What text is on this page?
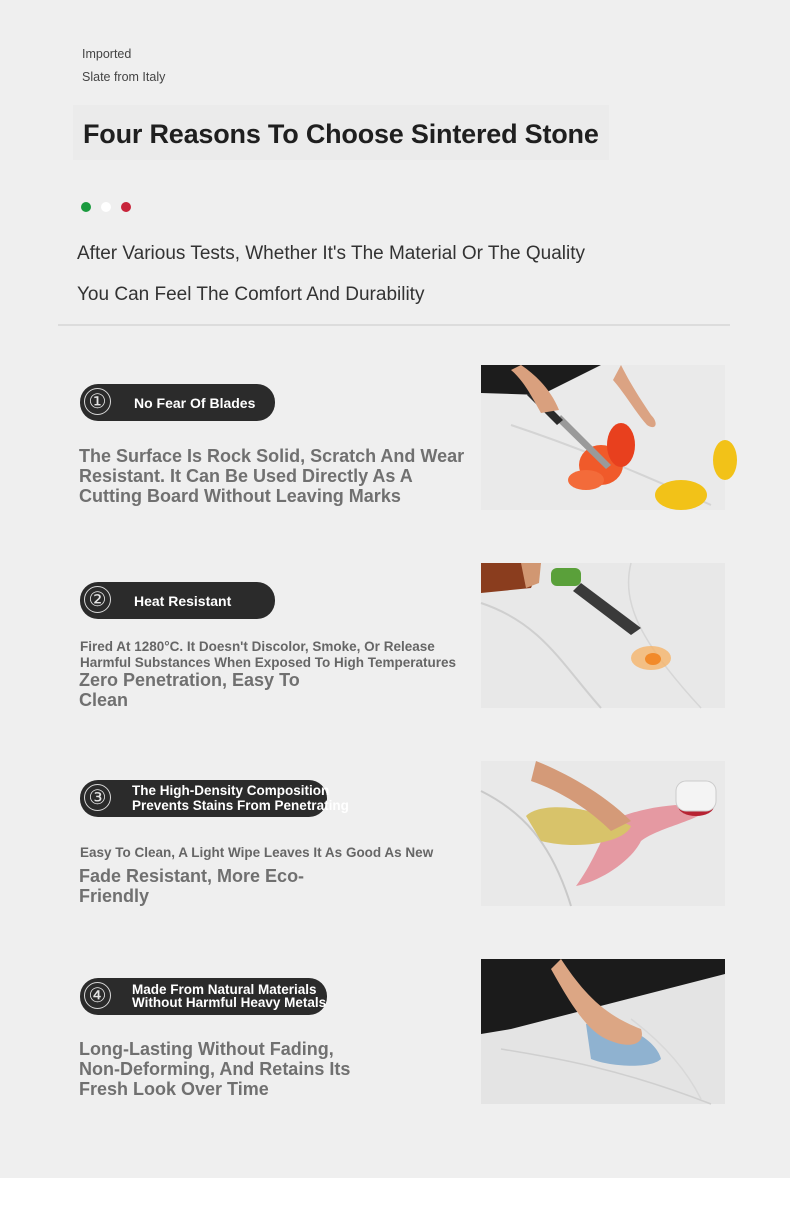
Imported
Slate from Italy
Four Reasons To Choose Sintered Stone
After Various Tests, Whether It's The Material Or The Quality
You Can Feel The Comfort And Durability
①	No Fear Of Blades
The Surface Is Rock Solid, Scratch And Wear Resistant. It Can Be Used Directly As A Cutting Board Without Leaving Marks
②	Heat Resistant
Fired At 1280°C. It Doesn't Discolor, Smoke, Or Release Harmful Substances When Exposed To High Temperatures
Zero Penetration, Easy To Clean
③	The High-Density Composition
Prevents Stains From Penetrating
Easy To Clean, A Light Wipe Leaves It As Good As New
Fade Resistant, More Eco-Friendly
④	Made From Natural Materials
Without Harmful Heavy Metals
Long-Lasting Without Fading, Non-Deforming, And Retains Its Fresh Look Over Time
